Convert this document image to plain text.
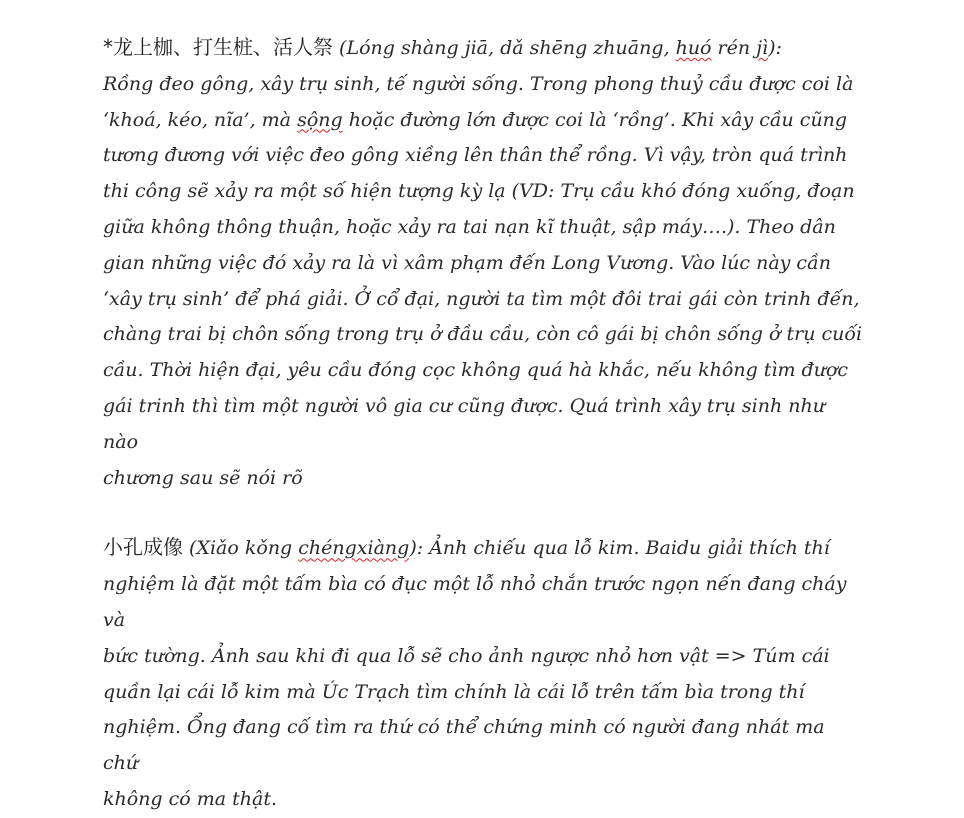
*龙上枷、打生桩、活人祭 (Lóng shàng jiā, dǎ shēng zhuāng, huó rén jì):
Rồng đeo gông, xây trụ sinh, tế người sống. Trong phong thuỷ cầu được coi là
‘khoá, kéo, nĩa’, mà sộng hoặc đường lớn được coi là ‘rồng’. Khi xây cầu cũng
tương đương với việc đeo gông xiềng lên thân thể rồng. Vì vậy, tròn quá trình
thi công sẽ xảy ra một số hiện tượng kỳ lạ (VD: Trụ cầu khó đóng xuống, đoạn
giữa không thông thuận, hoặc xảy ra tai nạn kĩ thuật, sập máy….). Theo dân
gian những việc đó xảy ra là vì xâm phạm đến Long Vương. Vào lúc này cần
‘xây trụ sinh’ để phá giải. Ở cổ đại, người ta tìm một đôi trai gái còn trinh đến,
chàng trai bị chôn sống trong trụ ở đầu cầu, còn cô gái bị chôn sống ở trụ cuối
cầu. Thời hiện đại, yêu cầu đóng cọc không quá hà khắc, nếu không tìm được
gái trinh thì tìm một người vô gia cư cũng được. Quá trình xây trụ sinh như nào
chương sau sẽ nói rõ

小孔成像 (Xiǎo kǒng chéngxiàng): Ảnh chiếu qua lỗ kim. Baidu giải thích thí
nghiệm là đặt một tấm bìa có đục một lỗ nhỏ chắn trước ngọn nến đang cháy và
bức tường. Ảnh sau khi đi qua lỗ sẽ cho ảnh ngược nhỏ hơn vật => Túm cái
quần lại cái lỗ kim mà Úc Trạch tìm chính là cái lỗ trên tấm bìa trong thí
nghiệm. Ổng đang cố tìm ra thứ có thể chứng minh có người đang nhát ma chứ
không có ma thật.
